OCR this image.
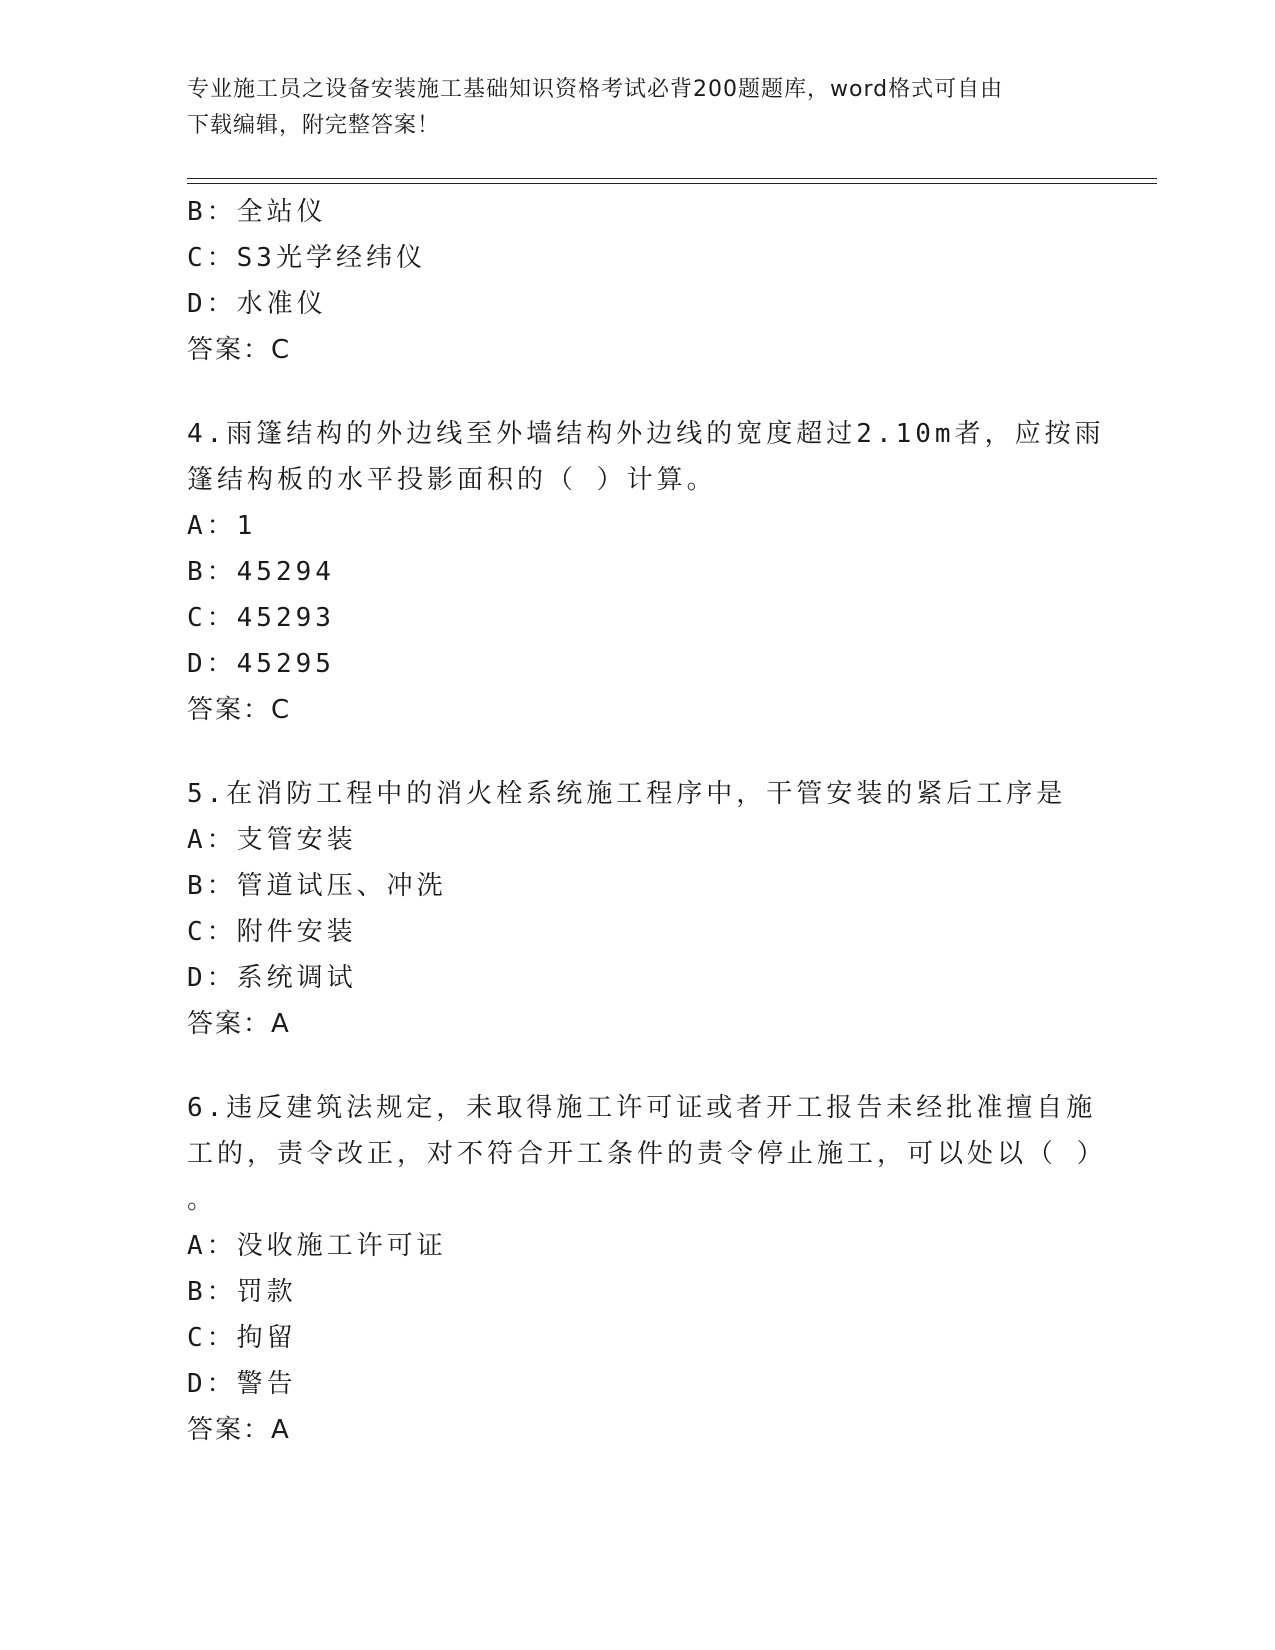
专业施工员之设备安装施工基础知识资格考试必背200题题库，word格式可自由
下载编辑，附完整答案！
B：全站仪
C：S3光学经纬仪
D：水准仪
答案：C
4.雨篷结构的外边线至外墙结构外边线的宽度超过2.10m者，应按雨
篷结构板的水平投影面积的（ ）计算。
A：1
B：45294
C：45293
D：45295
答案：C
5.在消防工程中的消火栓系统施工程序中，干管安装的紧后工序是
A：支管安装
B：管道试压、冲洗
C：附件安装
D：系统调试
答案：A
6.违反建筑法规定，未取得施工许可证或者开工报告未经批准擅自施
工的，责令改正，对不符合开工条件的责令停止施工，可以处以（ ）
。
A：没收施工许可证
B：罚款
C：拘留
D：警告
答案：A
